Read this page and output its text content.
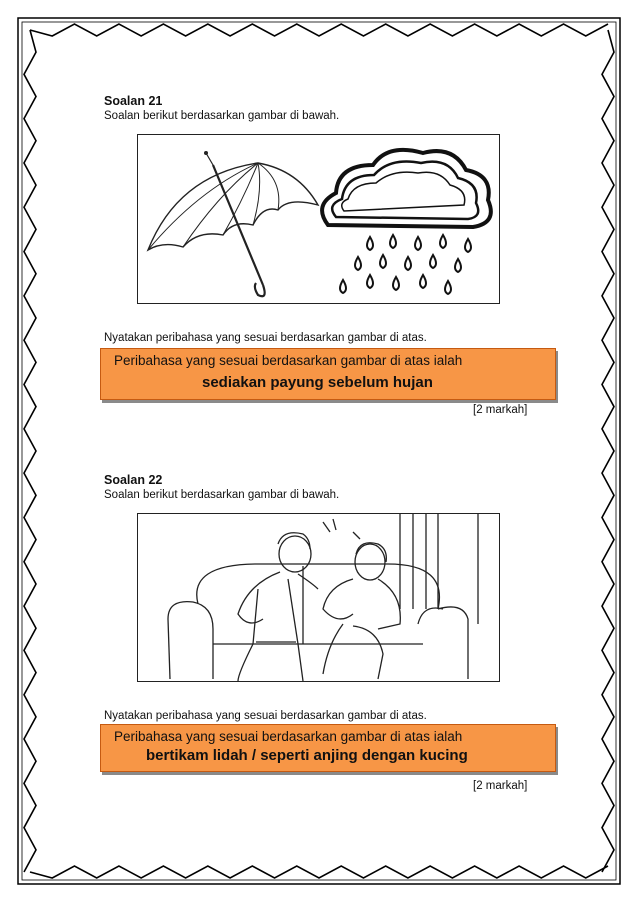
Soalan 21
Soalan berikut berdasarkan gambar di bawah.
Nyatakan peribahasa yang sesuai berdasarkan gambar di atas.
Peribahasa yang sesuai berdasarkan gambar di atas ialah
sediakan payung sebelum hujan
[2 markah]
Soalan 22
Soalan berikut berdasarkan gambar di bawah.
Nyatakan peribahasa yang sesuai berdasarkan gambar di atas.
Peribahasa yang sesuai berdasarkan gambar di atas ialah
bertikam lidah / seperti anjing dengan kucing
[2 markah]
